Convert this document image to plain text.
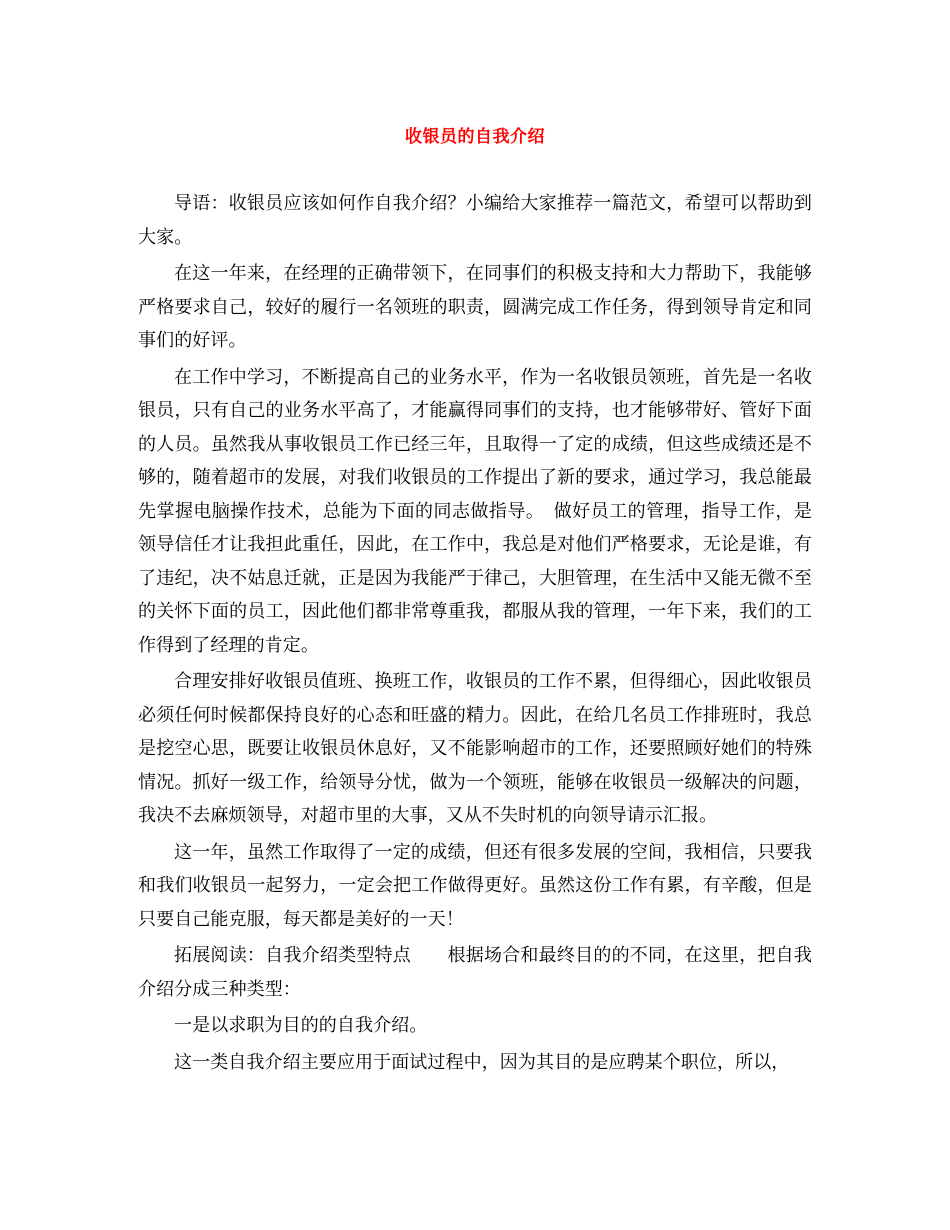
收银员的自我介绍

导语：收银员应该如何作自我介绍？小编给大家推荐一篇范文，希望可以帮助到大家。

在这一年来，在经理的正确带领下，在同事们的积极支持和大力帮助下，我能够严格要求自己，较好的履行一名领班的职责，圆满完成工作任务，得到领导肯定和同事们的好评。

在工作中学习，不断提高自己的业务水平，作为一名收银员领班，首先是一名收银员，只有自己的业务水平高了，才能赢得同事们的支持，也才能够带好、管好下面的人员。虽然我从事收银员工作已经三年，且取得一了定的成绩，但这些成绩还是不够的，随着超市的发展，对我们收银员的工作提出了新的要求，通过学习，我总能最先掌握电脑操作技术，总能为下面的同志做指导。　做好员工的管理，指导工作，是领导信任才让我担此重任，因此，在工作中，我总是对他们严格要求，无论是谁，有了违纪，决不姑息迁就，正是因为我能严于律己，大胆管理，在生活中又能无微不至的关怀下面的员工，因此他们都非常尊重我，都服从我的管理，一年下来，我们的工作得到了经理的肯定。

合理安排好收银员值班、换班工作，收银员的工作不累，但得细心，因此收银员必须任何时候都保持良好的心态和旺盛的精力。因此，在给几名员工作排班时，我总是挖空心思，既要让收银员休息好，又不能影响超市的工作，还要照顾好她们的特殊情况。抓好一级工作，给领导分忧，做为一个领班，能够在收银员一级解决的问题，我决不去麻烦领导，对超市里的大事，又从不失时机的向领导请示汇报。

这一年，虽然工作取得了一定的成绩，但还有很多发展的空间，我相信，只要我和我们收银员一起努力，一定会把工作做得更好。虽然这份工作有累，有辛酸，但是只要自己能克服，每天都是美好的一天！

拓展阅读：自我介绍类型特点　　根据场合和最终目的的不同，在这里，把自我介绍分成三种类型：

一是以求职为目的的自我介绍。

这一类自我介绍主要应用于面试过程中，因为其目的是应聘某个职位，所以，
